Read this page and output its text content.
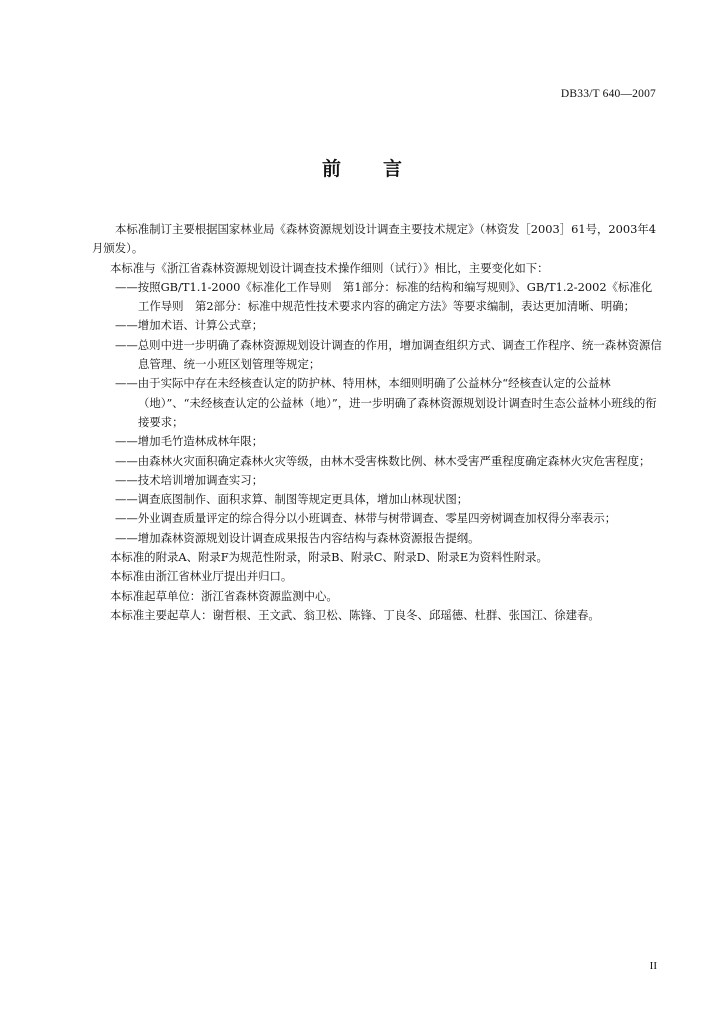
DB33/T 640—2007
前言

本标准制订主要根据国家林业局《森林资源规划设计调查主要技术规定》（林资发［2003］61号，2003年4月颁发）。

本标准与《浙江省森林资源规划设计调查技术操作细则（试行）》相比，主要变化如下：

——按照GB/T1.1-2000《标准化工作导则　第1部分：标准的结构和编写规则》、GB/T1.2-2002《标准化工作导则　第2部分：标准中规范性技术要求内容的确定方法》等要求编制，表达更加清晰、明确；

——增加术语、计算公式章；

——总则中进一步明确了森林资源规划设计调查的作用，增加调查组织方式、调查工作程序、统一森林资源信息管理、统一小班区划管理等规定；

——由于实际中存在未经核查认定的防护林、特用林，本细则明确了公益林分“经核查认定的公益林（地）”、“未经核查认定的公益林（地）”，进一步明确了森林资源规划设计调查时生态公益林小班线的衔接要求；

——增加毛竹造林成林年限；

——由森林火灾面积确定森林火灾等级，由林木受害株数比例、林木受害严重程度确定森林火灾危害程度；

——技术培训增加调查实习；

——调查底图制作、面积求算、制图等规定更具体，增加山林现状图；

——外业调查质量评定的综合得分以小班调查、林带与树带调查、零星四旁树调查加权得分率表示；

——增加森林资源规划设计调查成果报告内容结构与森林资源报告提纲。

本标准的附录A、附录F为规范性附录，附录B、附录C、附录D、附录E为资料性附录。

本标准由浙江省林业厅提出并归口。

本标准起草单位：浙江省森林资源监测中心。

本标准主要起草人：谢哲根、王文武、翁卫松、陈锋、丁良冬、邱瑶德、杜群、张国江、徐建春。

II
